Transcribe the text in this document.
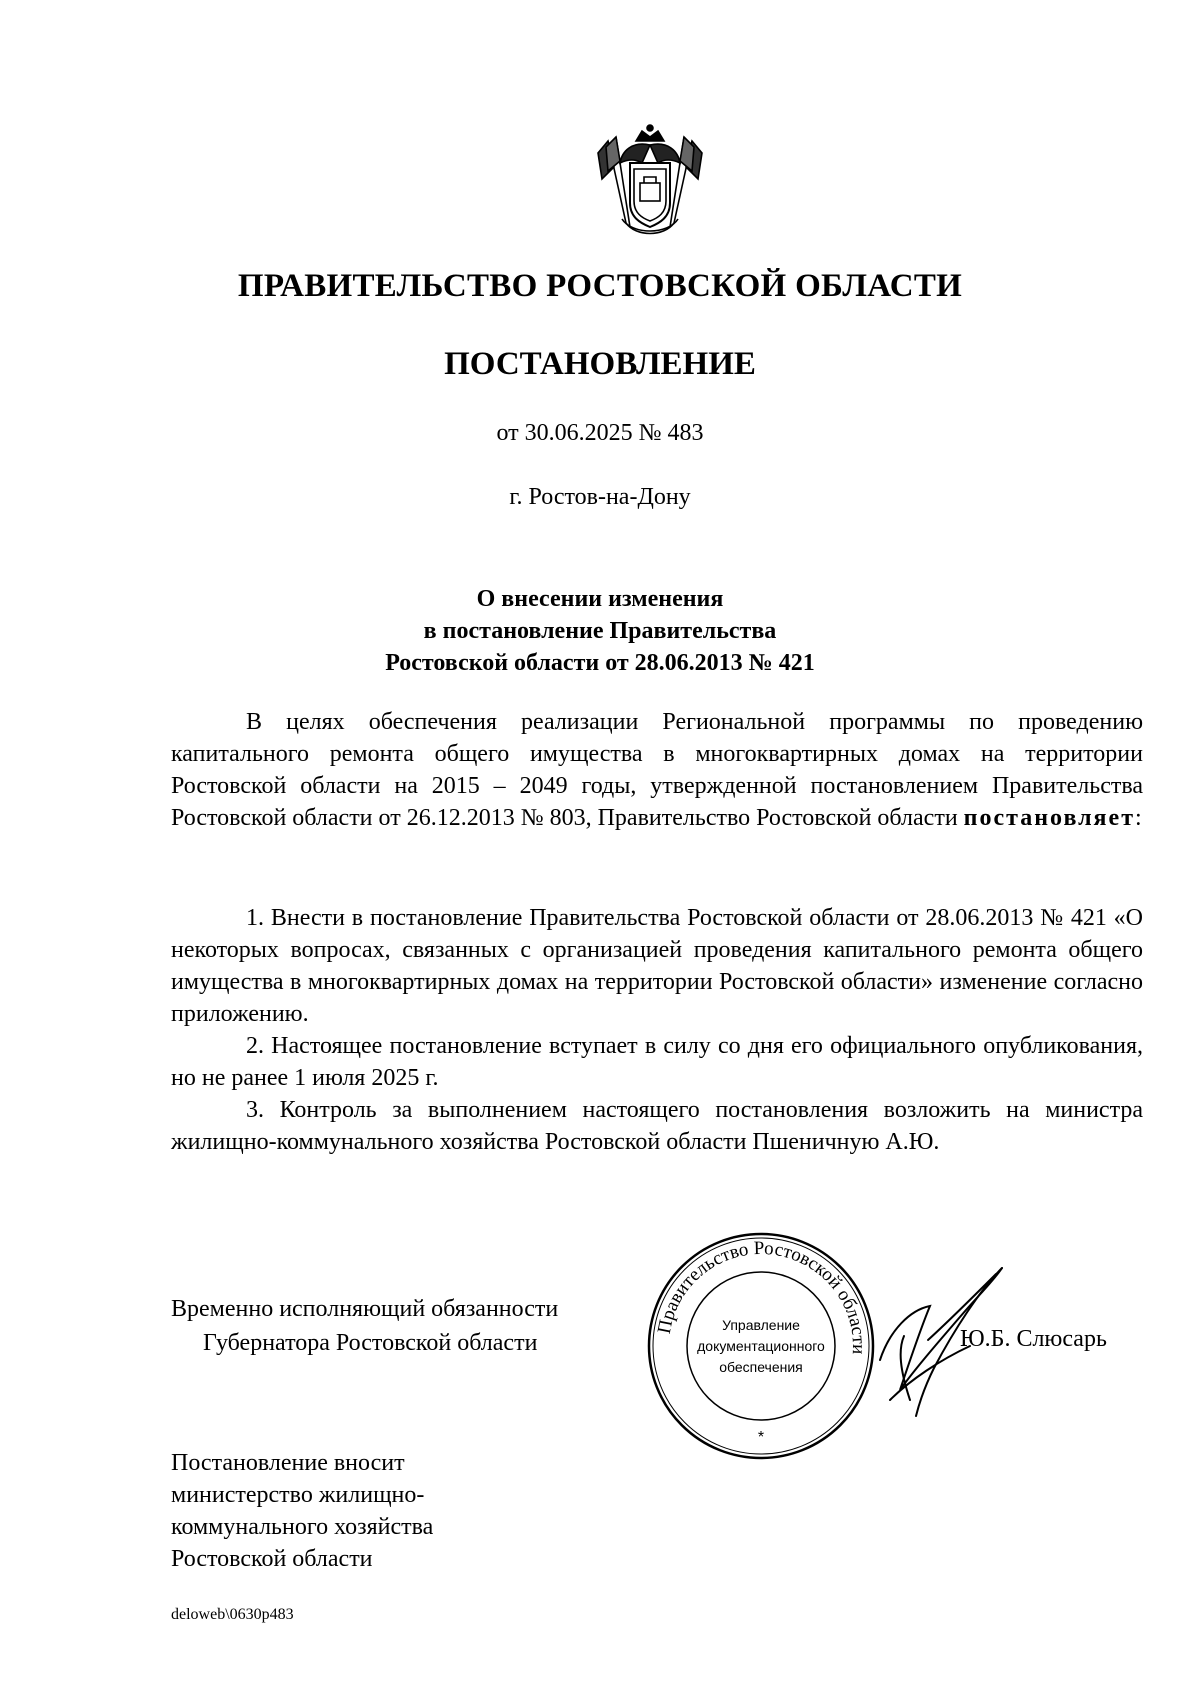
ПРАВИТЕЛЬСТВО РОСТОВСКОЙ ОБЛАСТИ
ПОСТАНОВЛЕНИЕ
от 30.06.2025 № 483
г. Ростов-на-Дону
О внесении изменения
в постановление Правительства
Ростовской области от 28.06.2013 № 421

В целях обеспечения реализации Региональной программы по проведению капитального ремонта общего имущества в многоквартирных домах на территории Ростовской области на 2015 – 2049 годы, утвержденной постановлением Правительства Ростовской области от 26.12.2013 № 803, Правительство Ростовской области постановляет:

1. Внести в постановление Правительства Ростовской области от 28.06.2013 № 421 «О некоторых вопросах, связанных с организацией проведения капитального ремонта общего имущества в многоквартирных домах на территории Ростовской области» изменение согласно приложению.

2. Настоящее постановление вступает в силу со дня его официального опубликования, но не ранее 1 июля 2025 г.

3. Контроль за выполнением настоящего постановления возложить на министра жилищно-коммунального хозяйства Ростовской области Пшеничную А.Ю.

Временно исполняющий обязанности
Губернатора Ростовской области
Правительство Ростовской области
Управление
документационного
обеспечения
*
Ю.Б. Слюсарь
Постановление вносит
министерство жилищно-
коммунального хозяйства
Ростовской области
deloweb\0630p483
